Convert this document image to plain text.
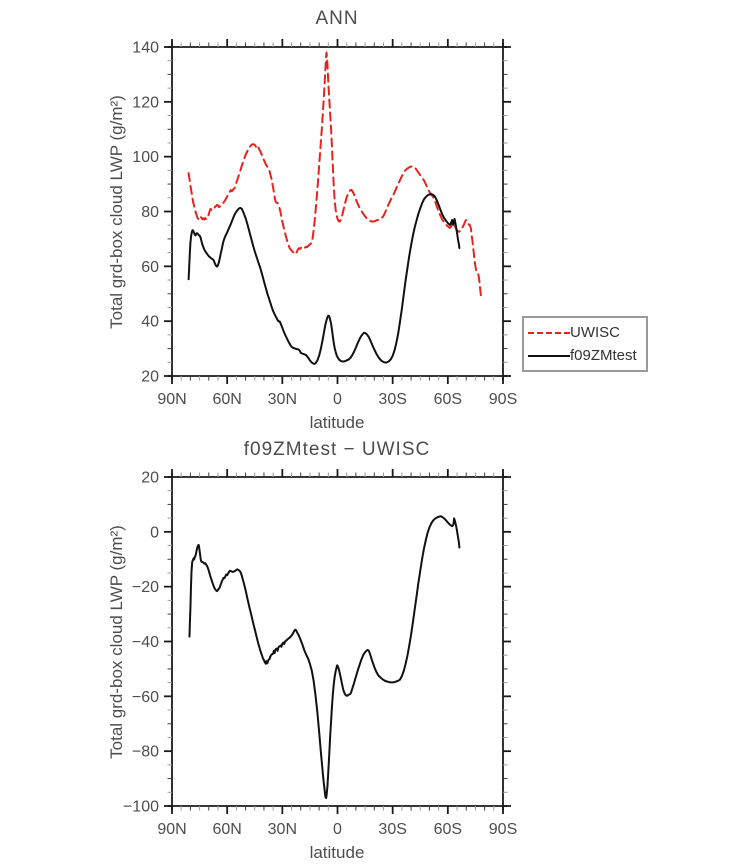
ANN
Total grd-box cloud LWP (g/m²)
latitude
90N 60N 30N 0 30S 60S 90S
140
120
100
80
60
40
20
UWISC
f09ZMtest
f09ZMtest − UWISC
Total grd-box cloud LWP (g/m²)
latitude
90N 60N 30N 0 30S 60S 90S
20
0
−20
−40
−60
−80
−100
